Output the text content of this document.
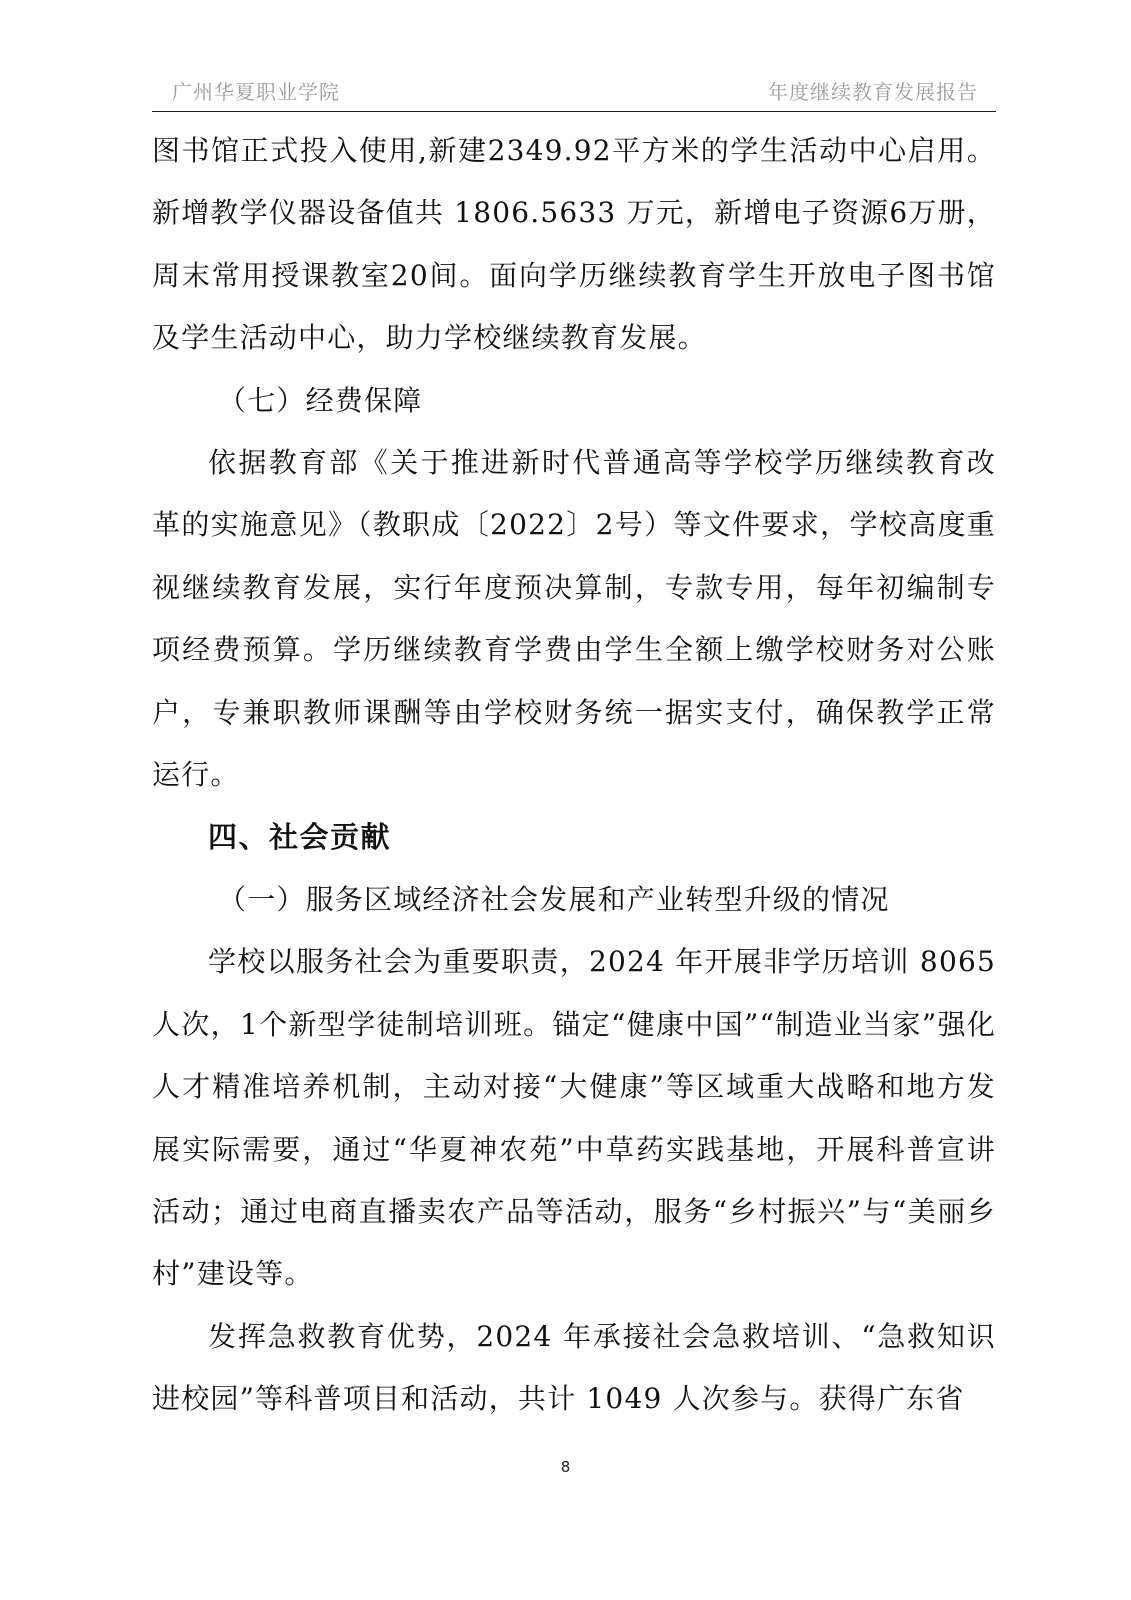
广州华夏职业学院	年度继续教育发展报告

图书馆正式投入使用,新建2349.92平方米的学生活动中心启用。新增教学仪器设备值共 1806.5633 万元，新增电子资源6万册，周末常用授课教室20间。面向学历继续教育学生开放电子图书馆及学生活动中心，助力学校继续教育发展。

（七）经费保障

依据教育部《关于推进新时代普通高等学校学历继续教育改革的实施意见》（教职成〔2022〕2号）等文件要求，学校高度重视继续教育发展，实行年度预决算制，专款专用，每年初编制专项经费预算。学历继续教育学费由学生全额上缴学校财务对公账户，专兼职教师课酬等由学校财务统一据实支付，确保教学正常运行。

四、社会贡献

（一）服务区域经济社会发展和产业转型升级的情况

学校以服务社会为重要职责，2024 年开展非学历培训 8065人次，1个新型学徒制培训班。锚定“健康中国”“制造业当家”强化人才精准培养机制，主动对接“大健康”等区域重大战略和地方发展实际需要，通过“华夏神农苑”中草药实践基地，开展科普宣讲活动；通过电商直播卖农产品等活动，服务“乡村振兴”与“美丽乡村”建设等。

发挥急救教育优势，2024 年承接社会急救培训、“急救知识进校园”等科普项目和活动，共计 1049 人次参与。获得广东省

8
